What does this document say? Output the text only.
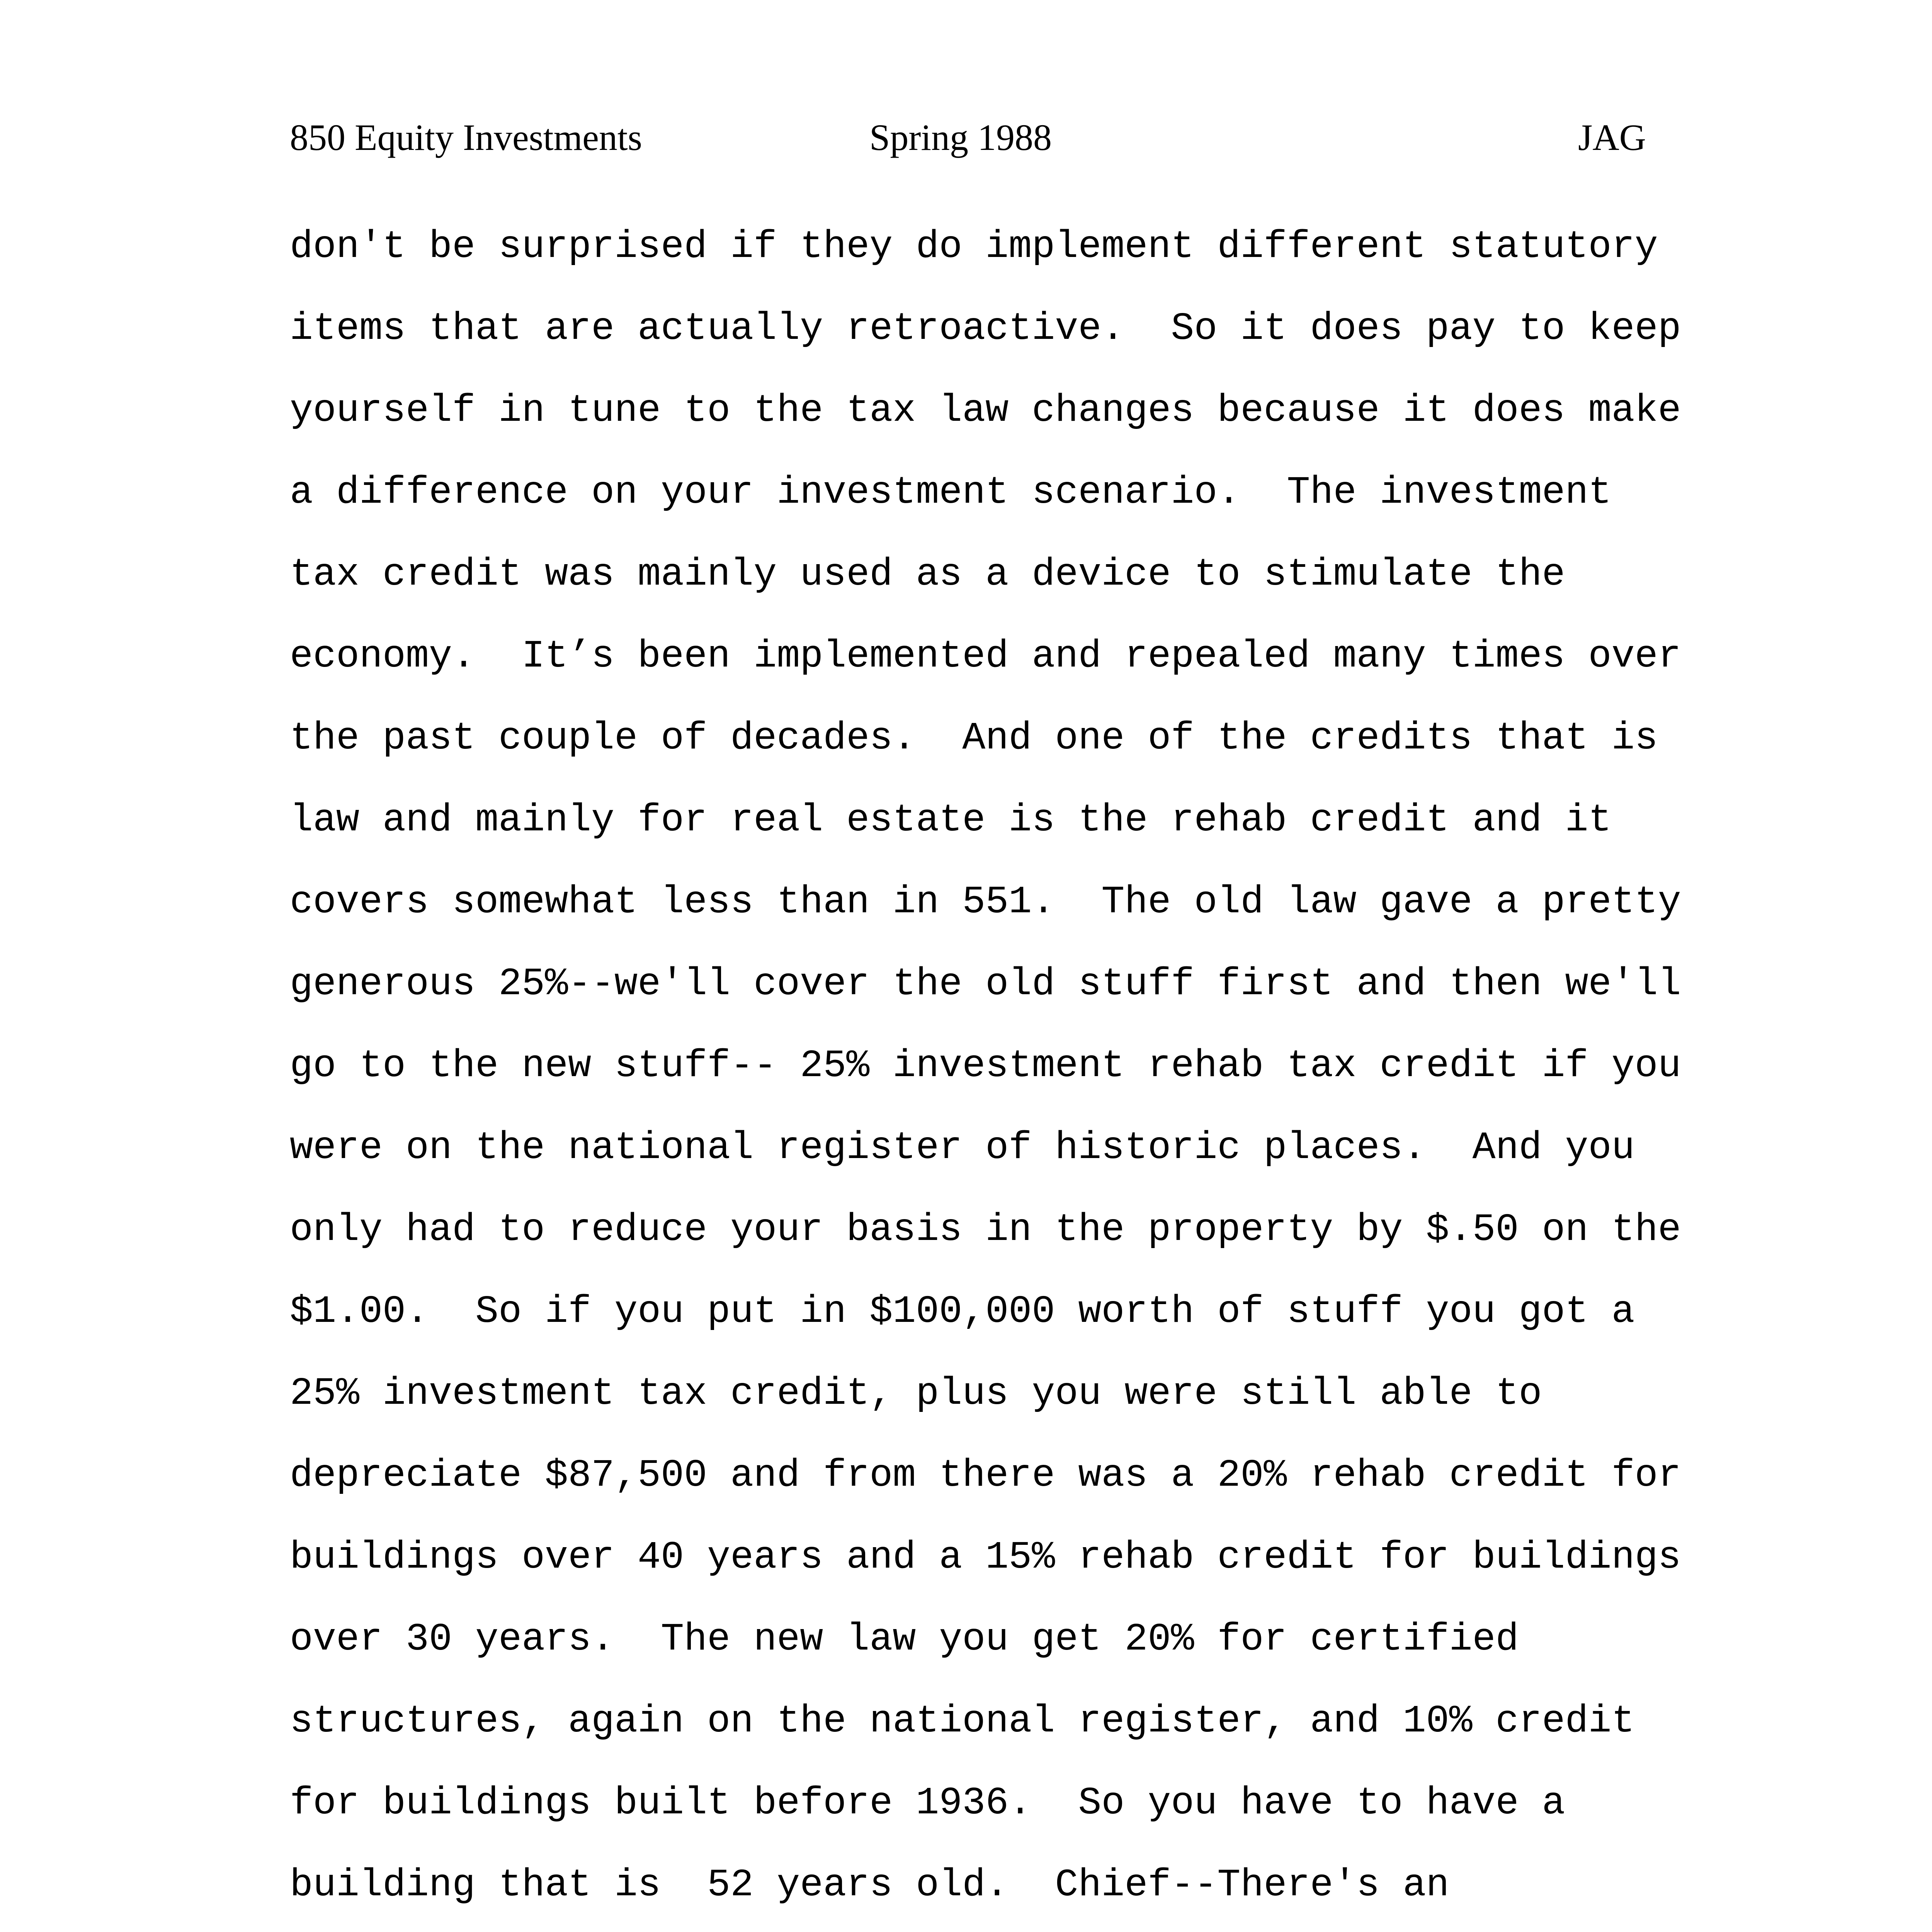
850 Equity Investments	Spring 1988	JAG
don't be surprised if they do implement different statutory
items that are actually retroactive.  So it does pay to keep
yourself in tune to the tax law changes because it does make
a difference on your investment scenario.  The investment
tax credit was mainly used as a device to stimulate the
economy.  It’s been implemented and repealed many times over
the past couple of decades.  And one of the credits that is
law and mainly for real estate is the rehab credit and it
covers somewhat less than in 551.  The old law gave a pretty
generous 25%--we'll cover the old stuff first and then we'll
go to the new stuff-- 25% investment rehab tax credit if you
were on the national register of historic places.  And you
only had to reduce your basis in the property by $.50 on the
$1.00.  So if you put in $100,000 worth of stuff you got a
25% investment tax credit, plus you were still able to
depreciate $87,500 and from there was a 20% rehab credit for
buildings over 40 years and a 15% rehab credit for buildings
over 30 years.  The new law you get 20% for certified
structures, again on the national register, and 10% credit
for buildings built before 1936.  So you have to have a
building that is  52 years old.  Chief--There's an
